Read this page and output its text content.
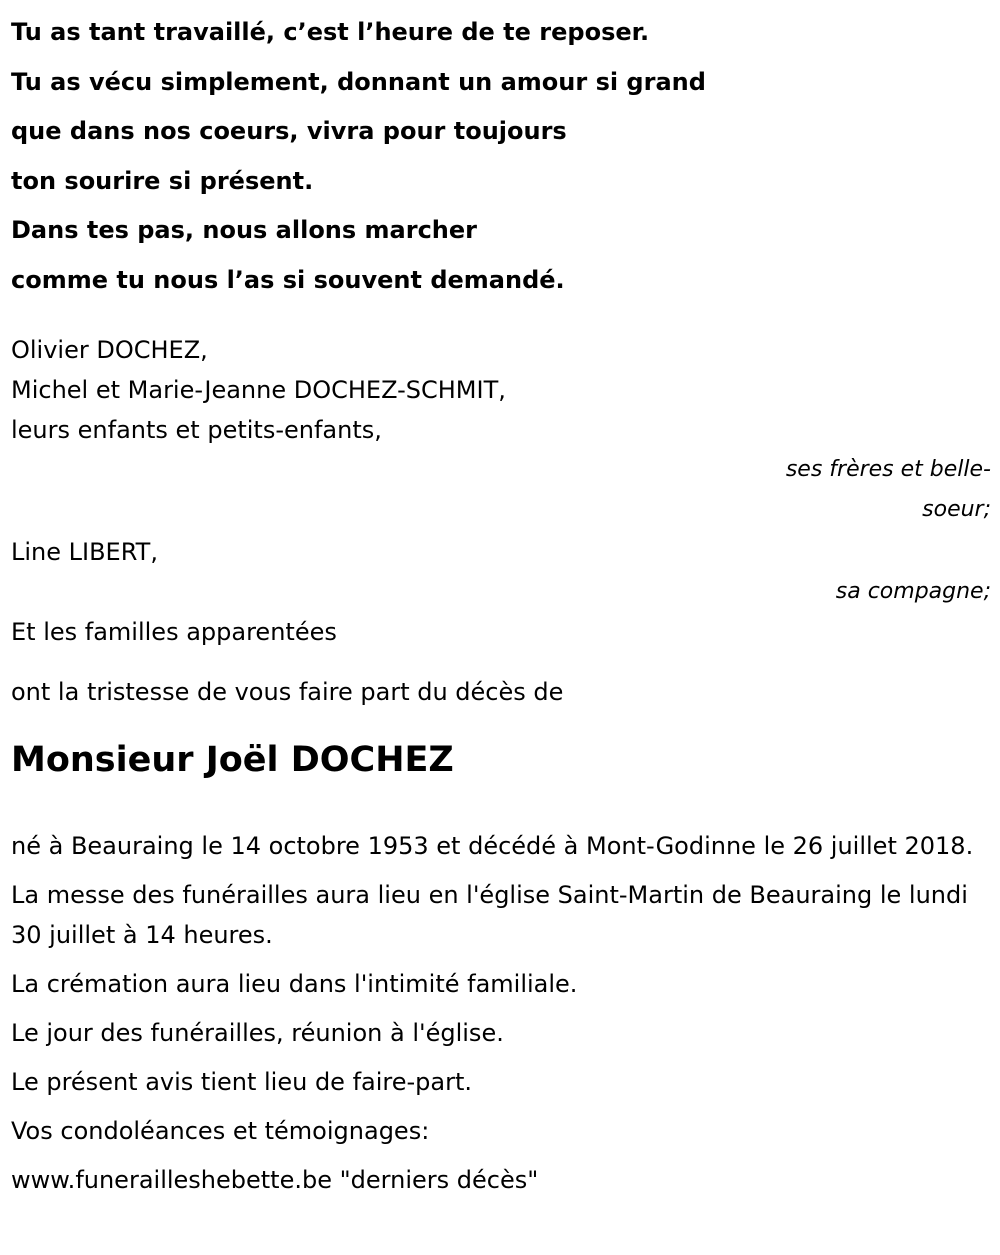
Tu as tant travaillé, c’est l’heure de te reposer.
Tu as vécu simplement, donnant un amour si grand
que dans nos coeurs, vivra pour toujours
ton sourire si présent.
Dans tes pas, nous allons marcher
comme tu nous l’as si souvent demandé.
Olivier DOCHEZ,
Michel et Marie-Jeanne DOCHEZ-SCHMIT,
leurs enfants et petits-enfants,
ses frères et belle-soeur;
Line LIBERT,
sa compagne;
Et les familles apparentées
ont la tristesse de vous faire part du décès de
Monsieur Joël DOCHEZ
né à Beauraing le 14 octobre 1953 et décédé à Mont-Godinne le 26 juillet 2018.
La messe des funérailles aura lieu en l'église Saint-Martin de Beauraing le lundi 30 juillet à 14 heures.
La crémation aura lieu dans l'intimité familiale.
Le jour des funérailles, réunion à l'église.
Le présent avis tient lieu de faire-part.
Vos condoléances et témoignages:
www.funerailleshebette.be "derniers décès"
